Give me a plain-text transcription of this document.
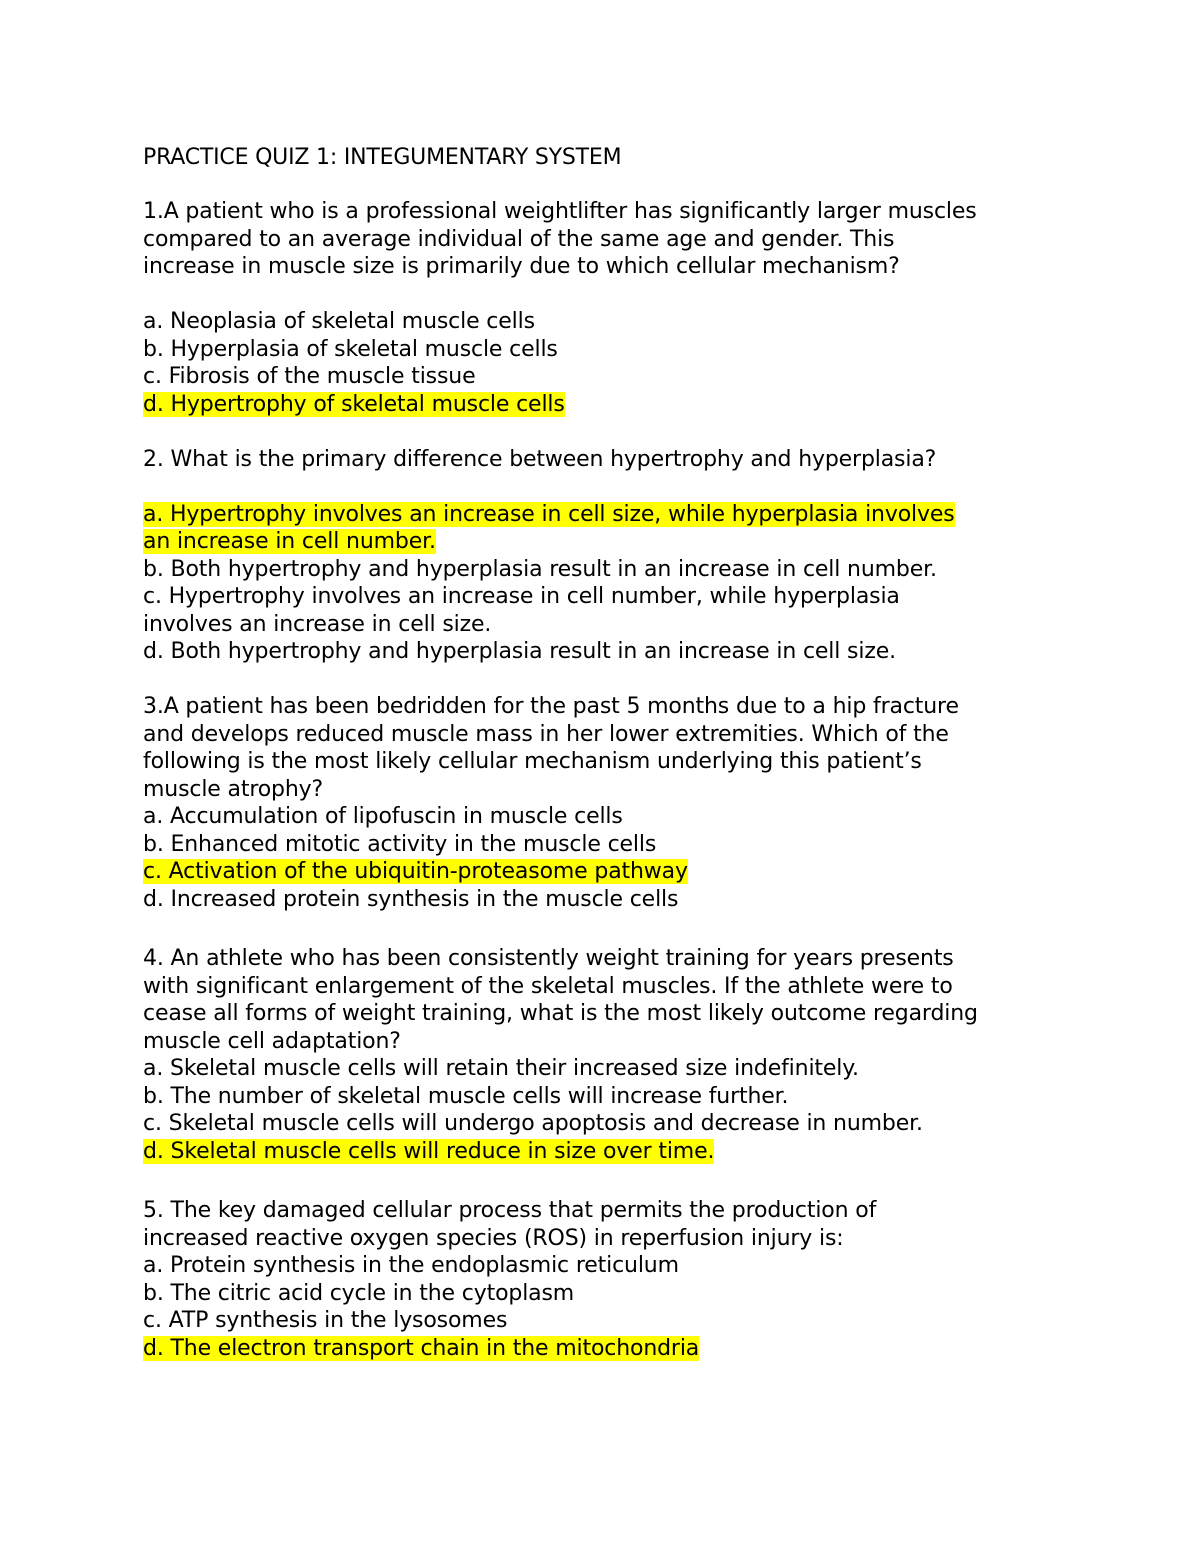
PRACTICE QUIZ 1: INTEGUMENTARY SYSTEM
1.A patient who is a professional weightlifter has significantly larger muscles
compared to an average individual of the same age and gender. This
increase in muscle size is primarily due to which cellular mechanism?
a. Neoplasia of skeletal muscle cells
b. Hyperplasia of skeletal muscle cells
c. Fibrosis of the muscle tissue
d. Hypertrophy of skeletal muscle cells
2. What is the primary difference between hypertrophy and hyperplasia?
a. Hypertrophy involves an increase in cell size, while hyperplasia involves
an increase in cell number.
b. Both hypertrophy and hyperplasia result in an increase in cell number.
c. Hypertrophy involves an increase in cell number, while hyperplasia
involves an increase in cell size.
d. Both hypertrophy and hyperplasia result in an increase in cell size.
3.A patient has been bedridden for the past 5 months due to a hip fracture
and develops reduced muscle mass in her lower extremities. Which of the
following is the most likely cellular mechanism underlying this patient’s
muscle atrophy?
a. Accumulation of lipofuscin in muscle cells
b. Enhanced mitotic activity in the muscle cells
c. Activation of the ubiquitin-proteasome pathway
d. Increased protein synthesis in the muscle cells
4. An athlete who has been consistently weight training for years presents
with significant enlargement of the skeletal muscles. If the athlete were to
cease all forms of weight training, what is the most likely outcome regarding
muscle cell adaptation?
a. Skeletal muscle cells will retain their increased size indefinitely.
b. The number of skeletal muscle cells will increase further.
c. Skeletal muscle cells will undergo apoptosis and decrease in number.
d. Skeletal muscle cells will reduce in size over time.
5. The key damaged cellular process that permits the production of
increased reactive oxygen species (ROS) in reperfusion injury is:
a. Protein synthesis in the endoplasmic reticulum
b. The citric acid cycle in the cytoplasm
c. ATP synthesis in the lysosomes
d. The electron transport chain in the mitochondria
